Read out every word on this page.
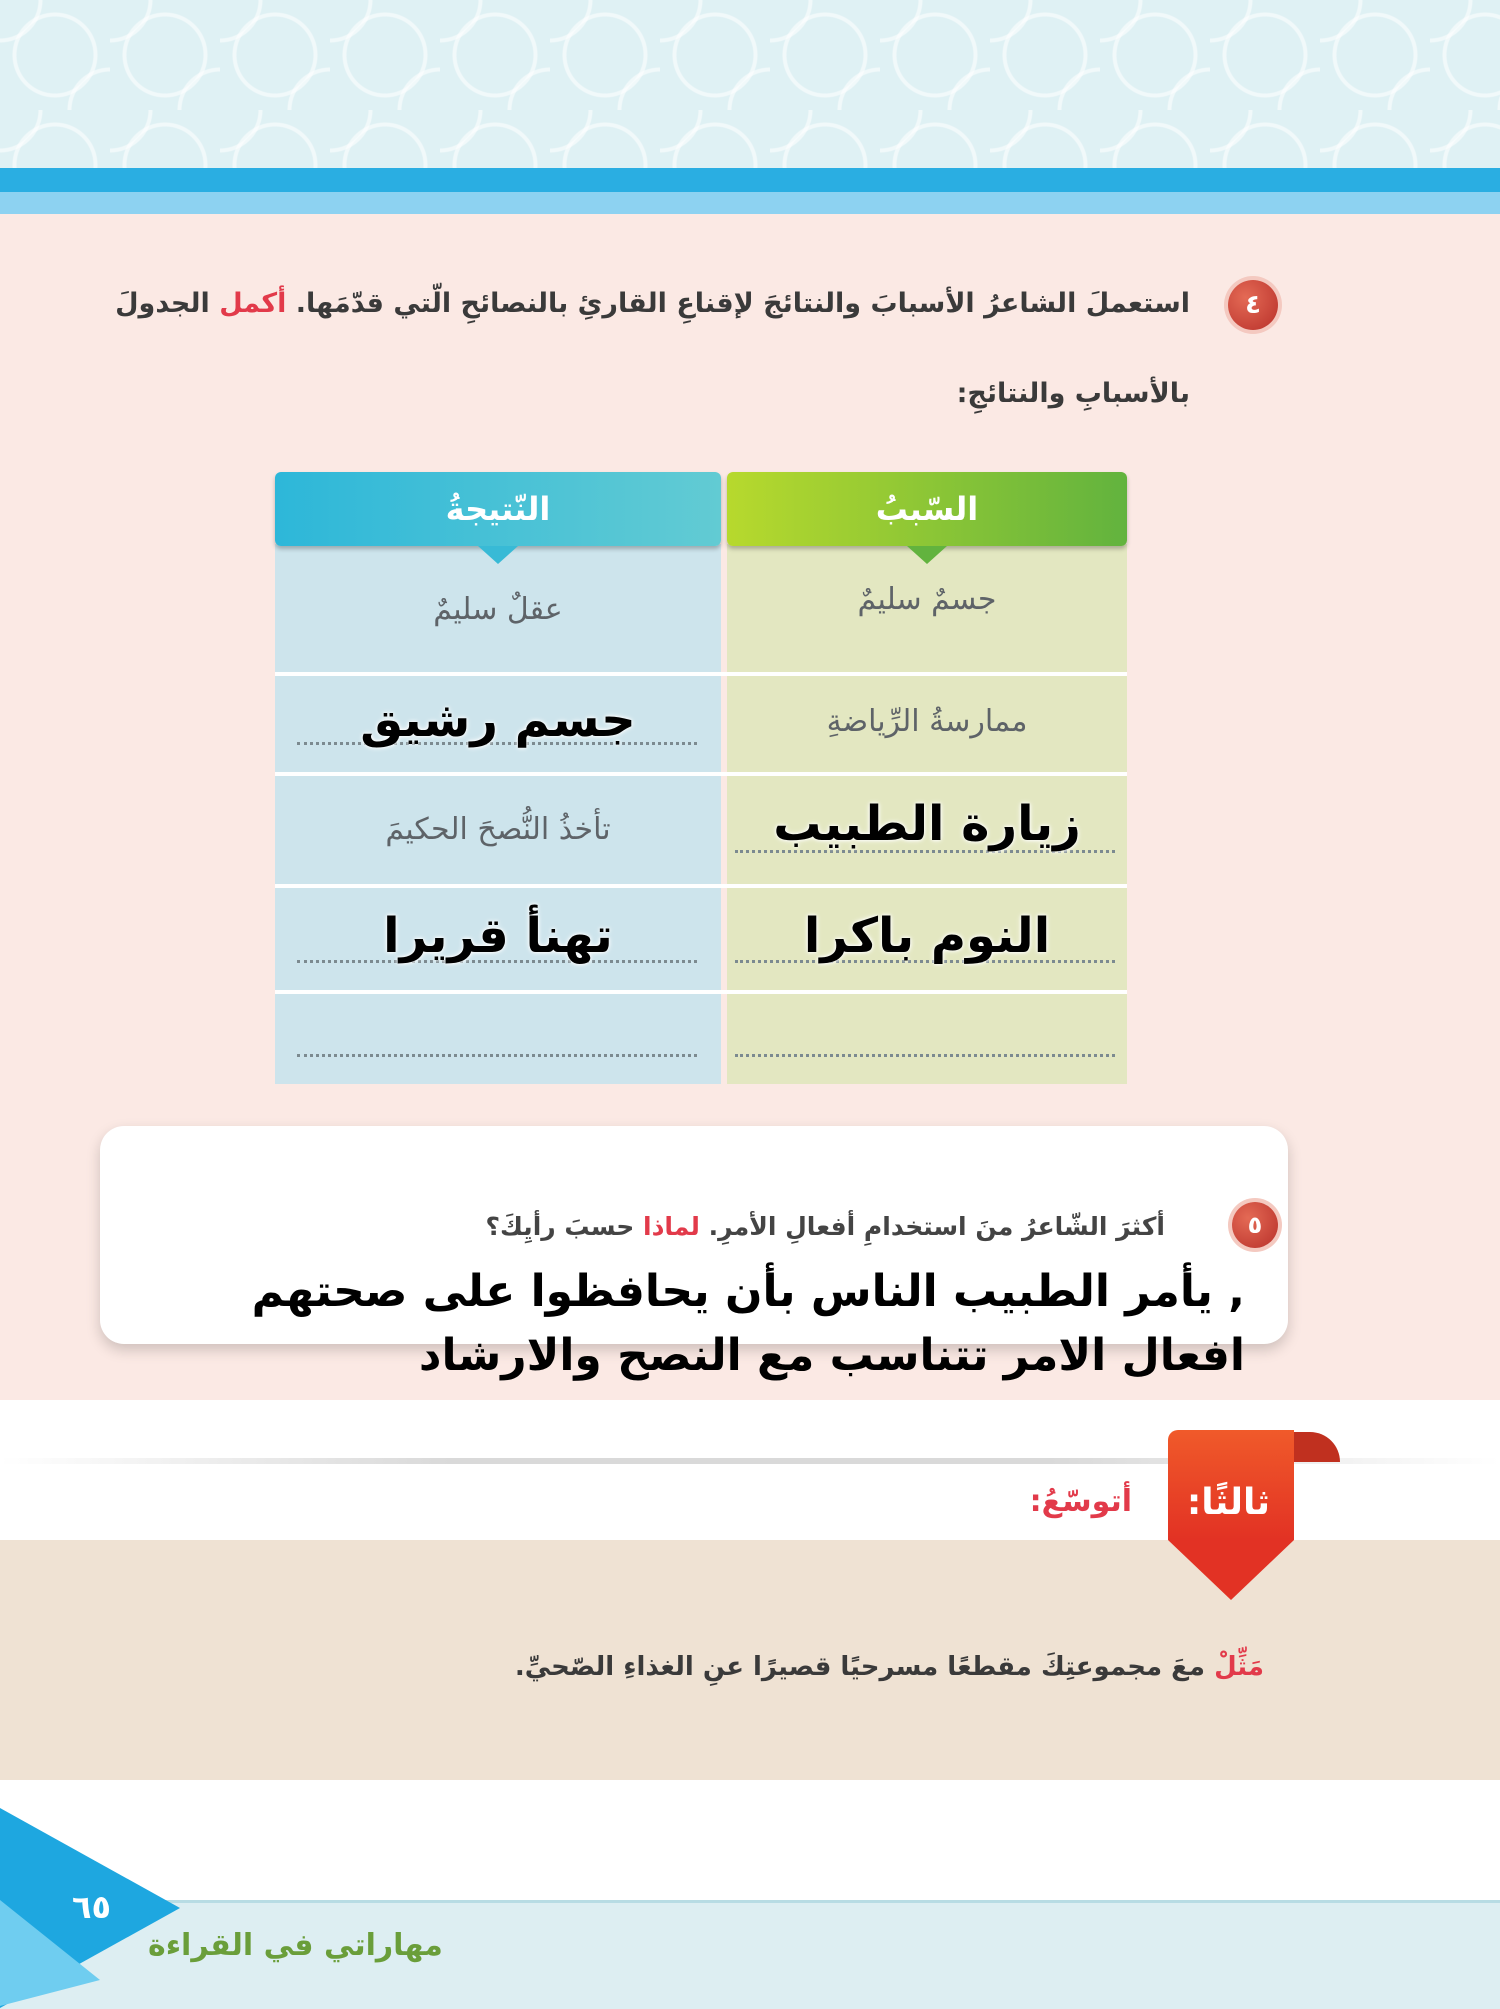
٤
استعملَ الشاعرُ الأسبابَ والنتائجَ لإقناعِ القارئِ بالنصائحِ الّتي قدّمَها. أكمل الجدولَ
بالأسبابِ والنتائجِ:
السّببُ
النّتيجةُ
جسمٌ سليمٌ
عقلٌ سليمٌ
ممارسةُ الرِّياضةِ
جسم رشيق
زيارة الطبيب
تأخذُ النُّصحَ الحكيمَ
النوم باكرا
تهنأ قريرا
٥
أكثرَ الشّاعرُ منَ استخدامِ أفعالِ الأمرِ. لماذا حسبَ رأيِكَ؟
, يأمر الطبيب الناس بأن يحافظوا على صحتهم
افعال الامر تتناسب مع النصح والارشاد
ثالثًا:
أتوسّعُ:
مَثِّلْ معَ مجموعتِكَ مقطعًا مسرحيًا قصيرًا عنِ الغذاءِ الصّحيِّ.
٦٥
مهاراتي في القراءة
